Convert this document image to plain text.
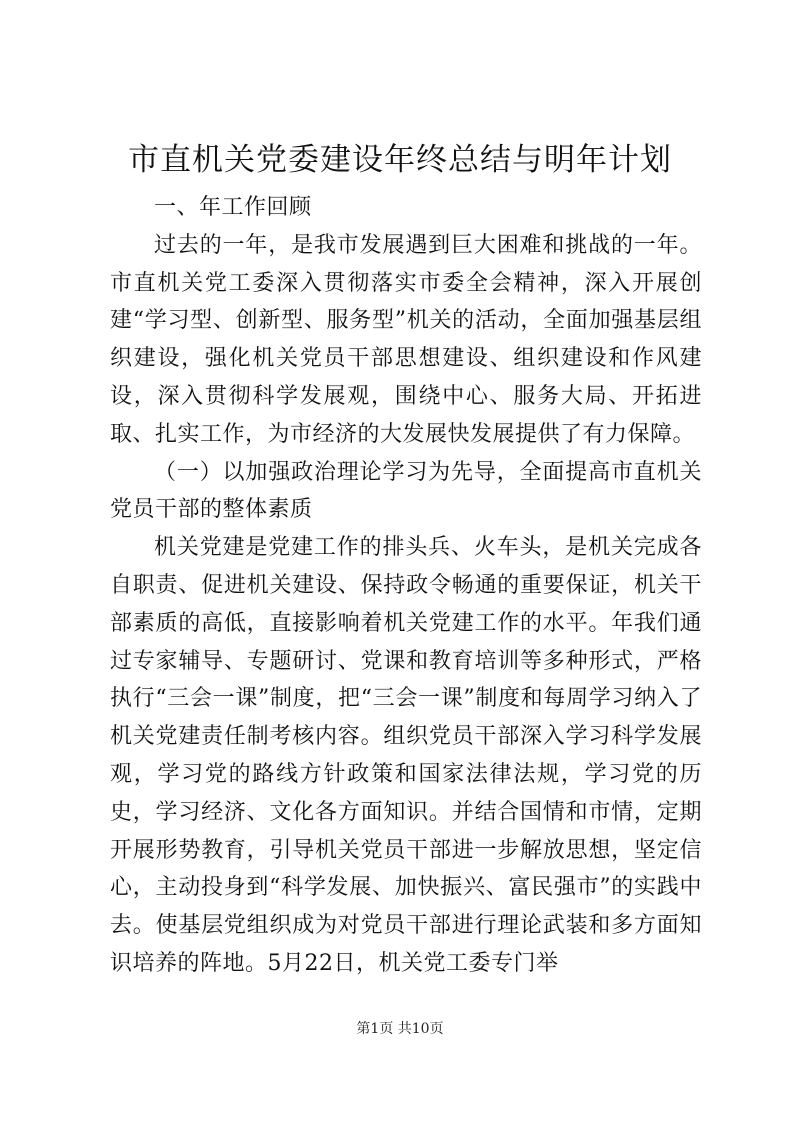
市直机关党委建设年终总结与明年计划

一、年工作回顾

过去的一年，是我市发展遇到巨大困难和挑战的一年。市直机关党工委深入贯彻落实市委全会精神，深入开展创建“学习型、创新型、服务型”机关的活动，全面加强基层组织建设，强化机关党员干部思想建设、组织建设和作风建设，深入贯彻科学发展观，围绕中心、服务大局、开拓进取、扎实工作，为市经济的大发展快发展提供了有力保障。

（一）以加强政治理论学习为先导，全面提高市直机关党员干部的整体素质

机关党建是党建工作的排头兵、火车头，是机关完成各自职责、促进机关建设、保持政令畅通的重要保证，机关干部素质的高低，直接影响着机关党建工作的水平。年我们通过专家辅导、专题研讨、党课和教育培训等多种形式，严格执行“三会一课”制度，把“三会一课”制度和每周学习纳入了机关党建责任制考核内容。组织党员干部深入学习科学发展观，学习党的路线方针政策和国家法律法规，学习党的历史，学习经济、文化各方面知识。并结合国情和市情，定期开展形势教育，引导机关党员干部进一步解放思想，坚定信心，主动投身到“科学发展、加快振兴、富民强市”的实践中去。使基层党组织成为对党员干部进行理论武装和多方面知识培养的阵地。5月22日，机关党工委专门举

第1页 共10页
